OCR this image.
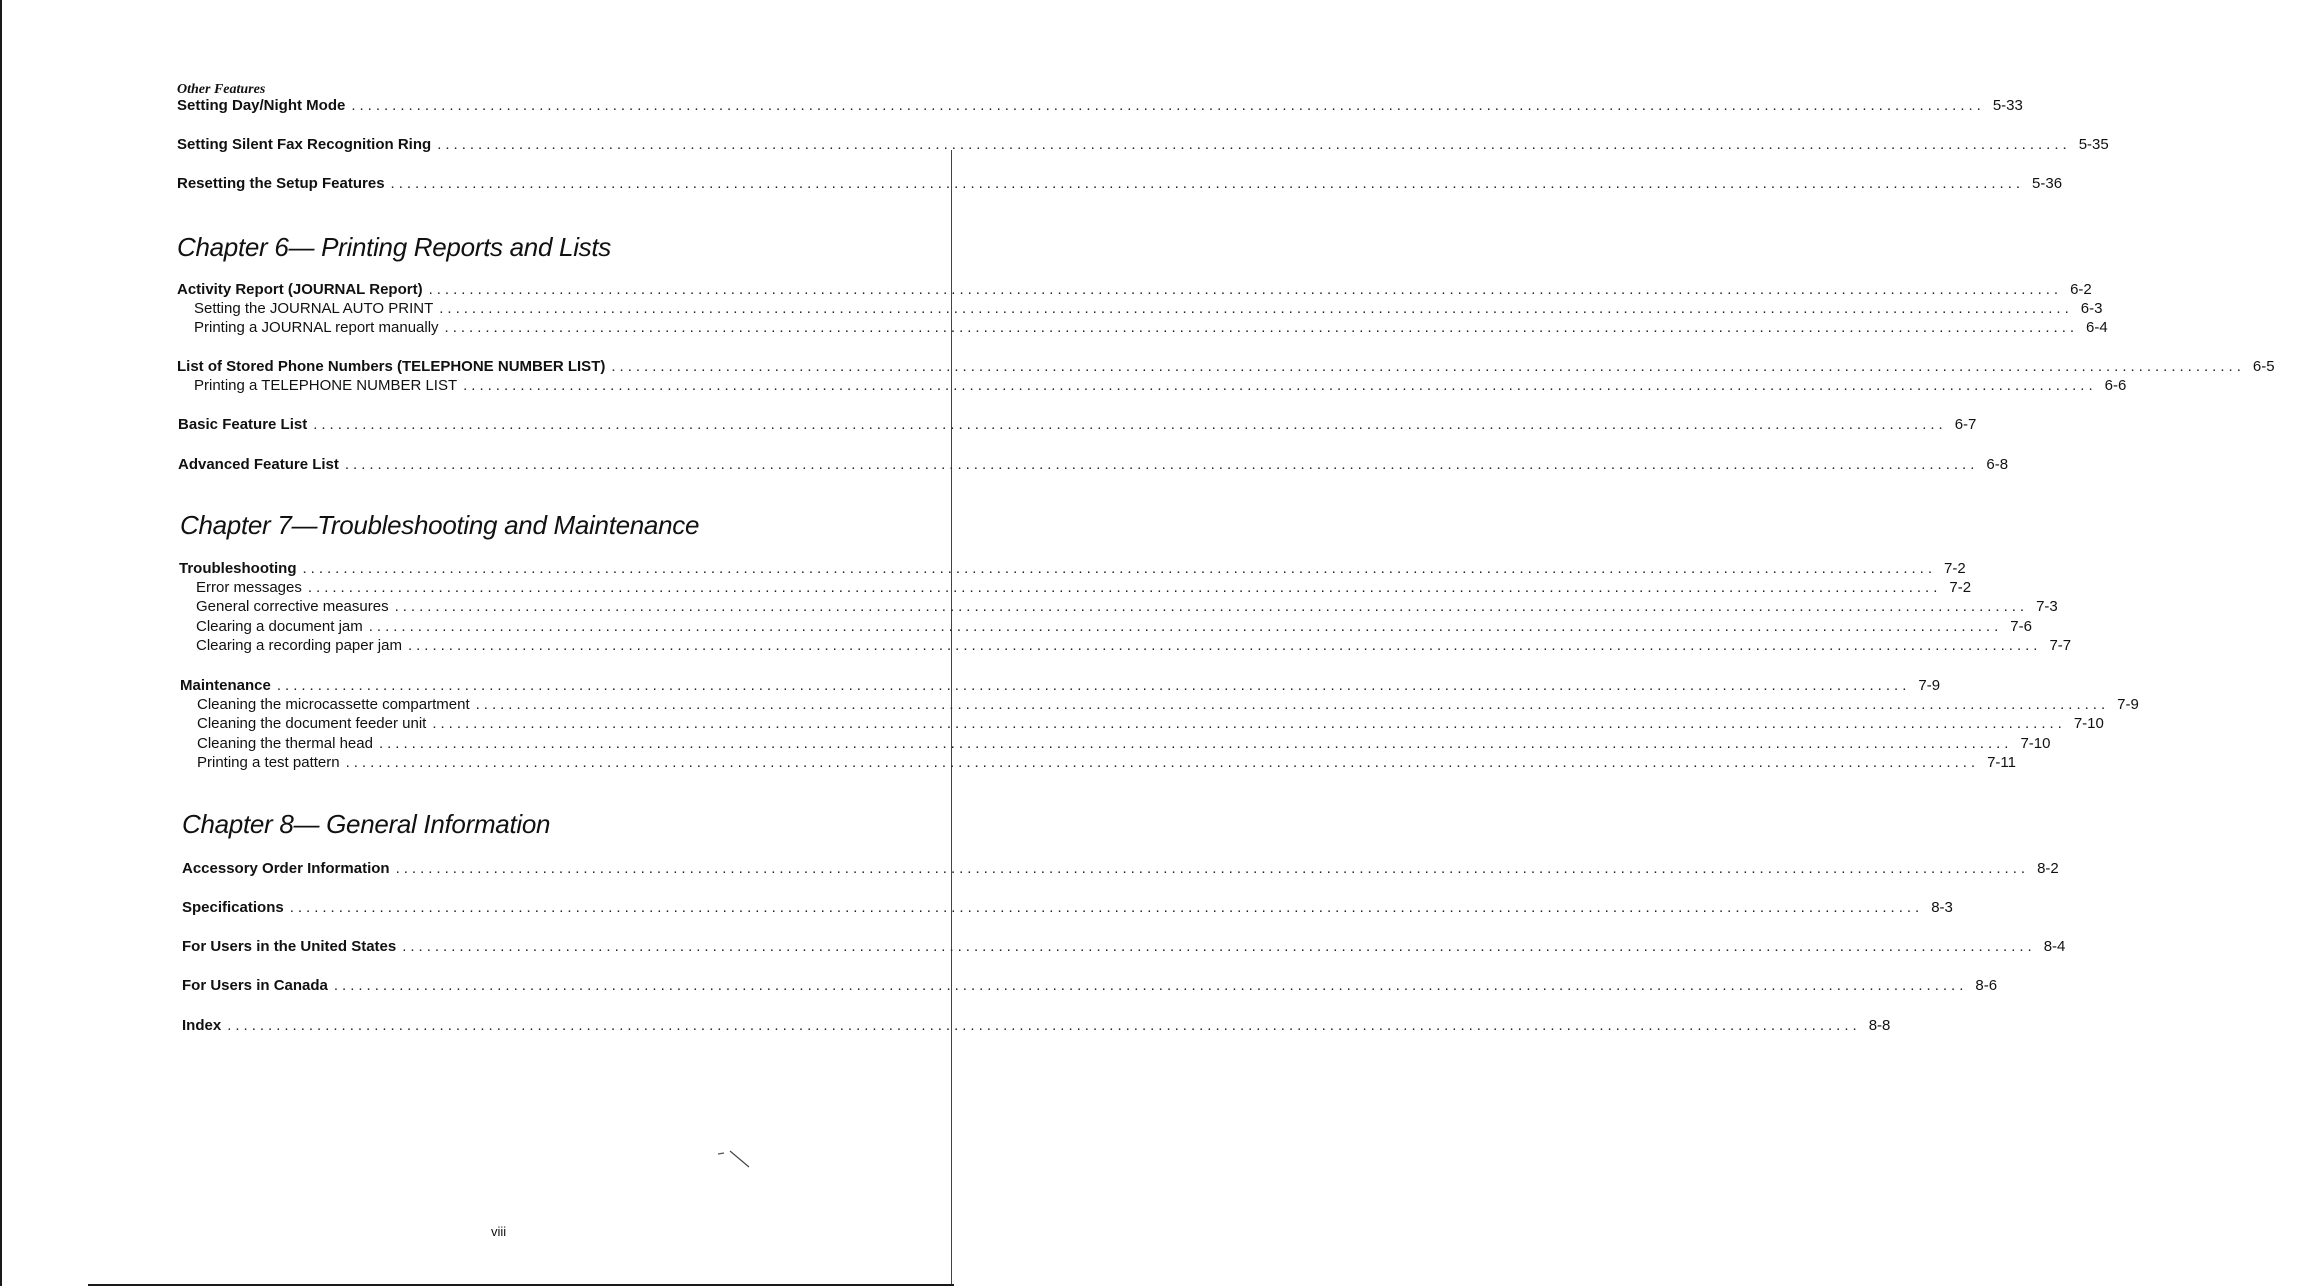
Other Features
Setting Day/Night Mode ........................................................................................................................................................................................................ 5-33
Setting Silent Fax Recognition Ring ........................................................................................................................................................................................................ 5-35
Resetting the Setup Features ........................................................................................................................................................................................................ 5-36
Chapter 6— Printing Reports and Lists
Activity Report (JOURNAL Report) ........................................................................................................................................................................................................ 6-2
Setting the JOURNAL AUTO PRINT ........................................................................................................................................................................................................ 6-3
Printing a JOURNAL report manually ........................................................................................................................................................................................................ 6-4
List of Stored Phone Numbers (TELEPHONE NUMBER LIST) ........................................................................................................................................................................................................ 6-5
Printing a TELEPHONE NUMBER LIST ........................................................................................................................................................................................................ 6-6
Basic Feature List ........................................................................................................................................................................................................ 6-7
Advanced Feature List ........................................................................................................................................................................................................ 6-8
Chapter 7—Troubleshooting and Maintenance
Troubleshooting ........................................................................................................................................................................................................ 7-2
Error messages ........................................................................................................................................................................................................ 7-2
General corrective measures ........................................................................................................................................................................................................ 7-3
Clearing a document jam ........................................................................................................................................................................................................ 7-6
Clearing a recording paper jam ........................................................................................................................................................................................................ 7-7
Maintenance ........................................................................................................................................................................................................ 7-9
Cleaning the microcassette compartment ........................................................................................................................................................................................................ 7-9
Cleaning the document feeder unit ........................................................................................................................................................................................................ 7-10
Cleaning the thermal head ........................................................................................................................................................................................................ 7-10
Printing a test pattern ........................................................................................................................................................................................................ 7-11
Chapter 8— General Information
Accessory Order Information ........................................................................................................................................................................................................ 8-2
Specifications ........................................................................................................................................................................................................ 8-3
For Users in the United States ........................................................................................................................................................................................................ 8-4
For Users in Canada ........................................................................................................................................................................................................ 8-6
Index ........................................................................................................................................................................................................ 8-8
viii
